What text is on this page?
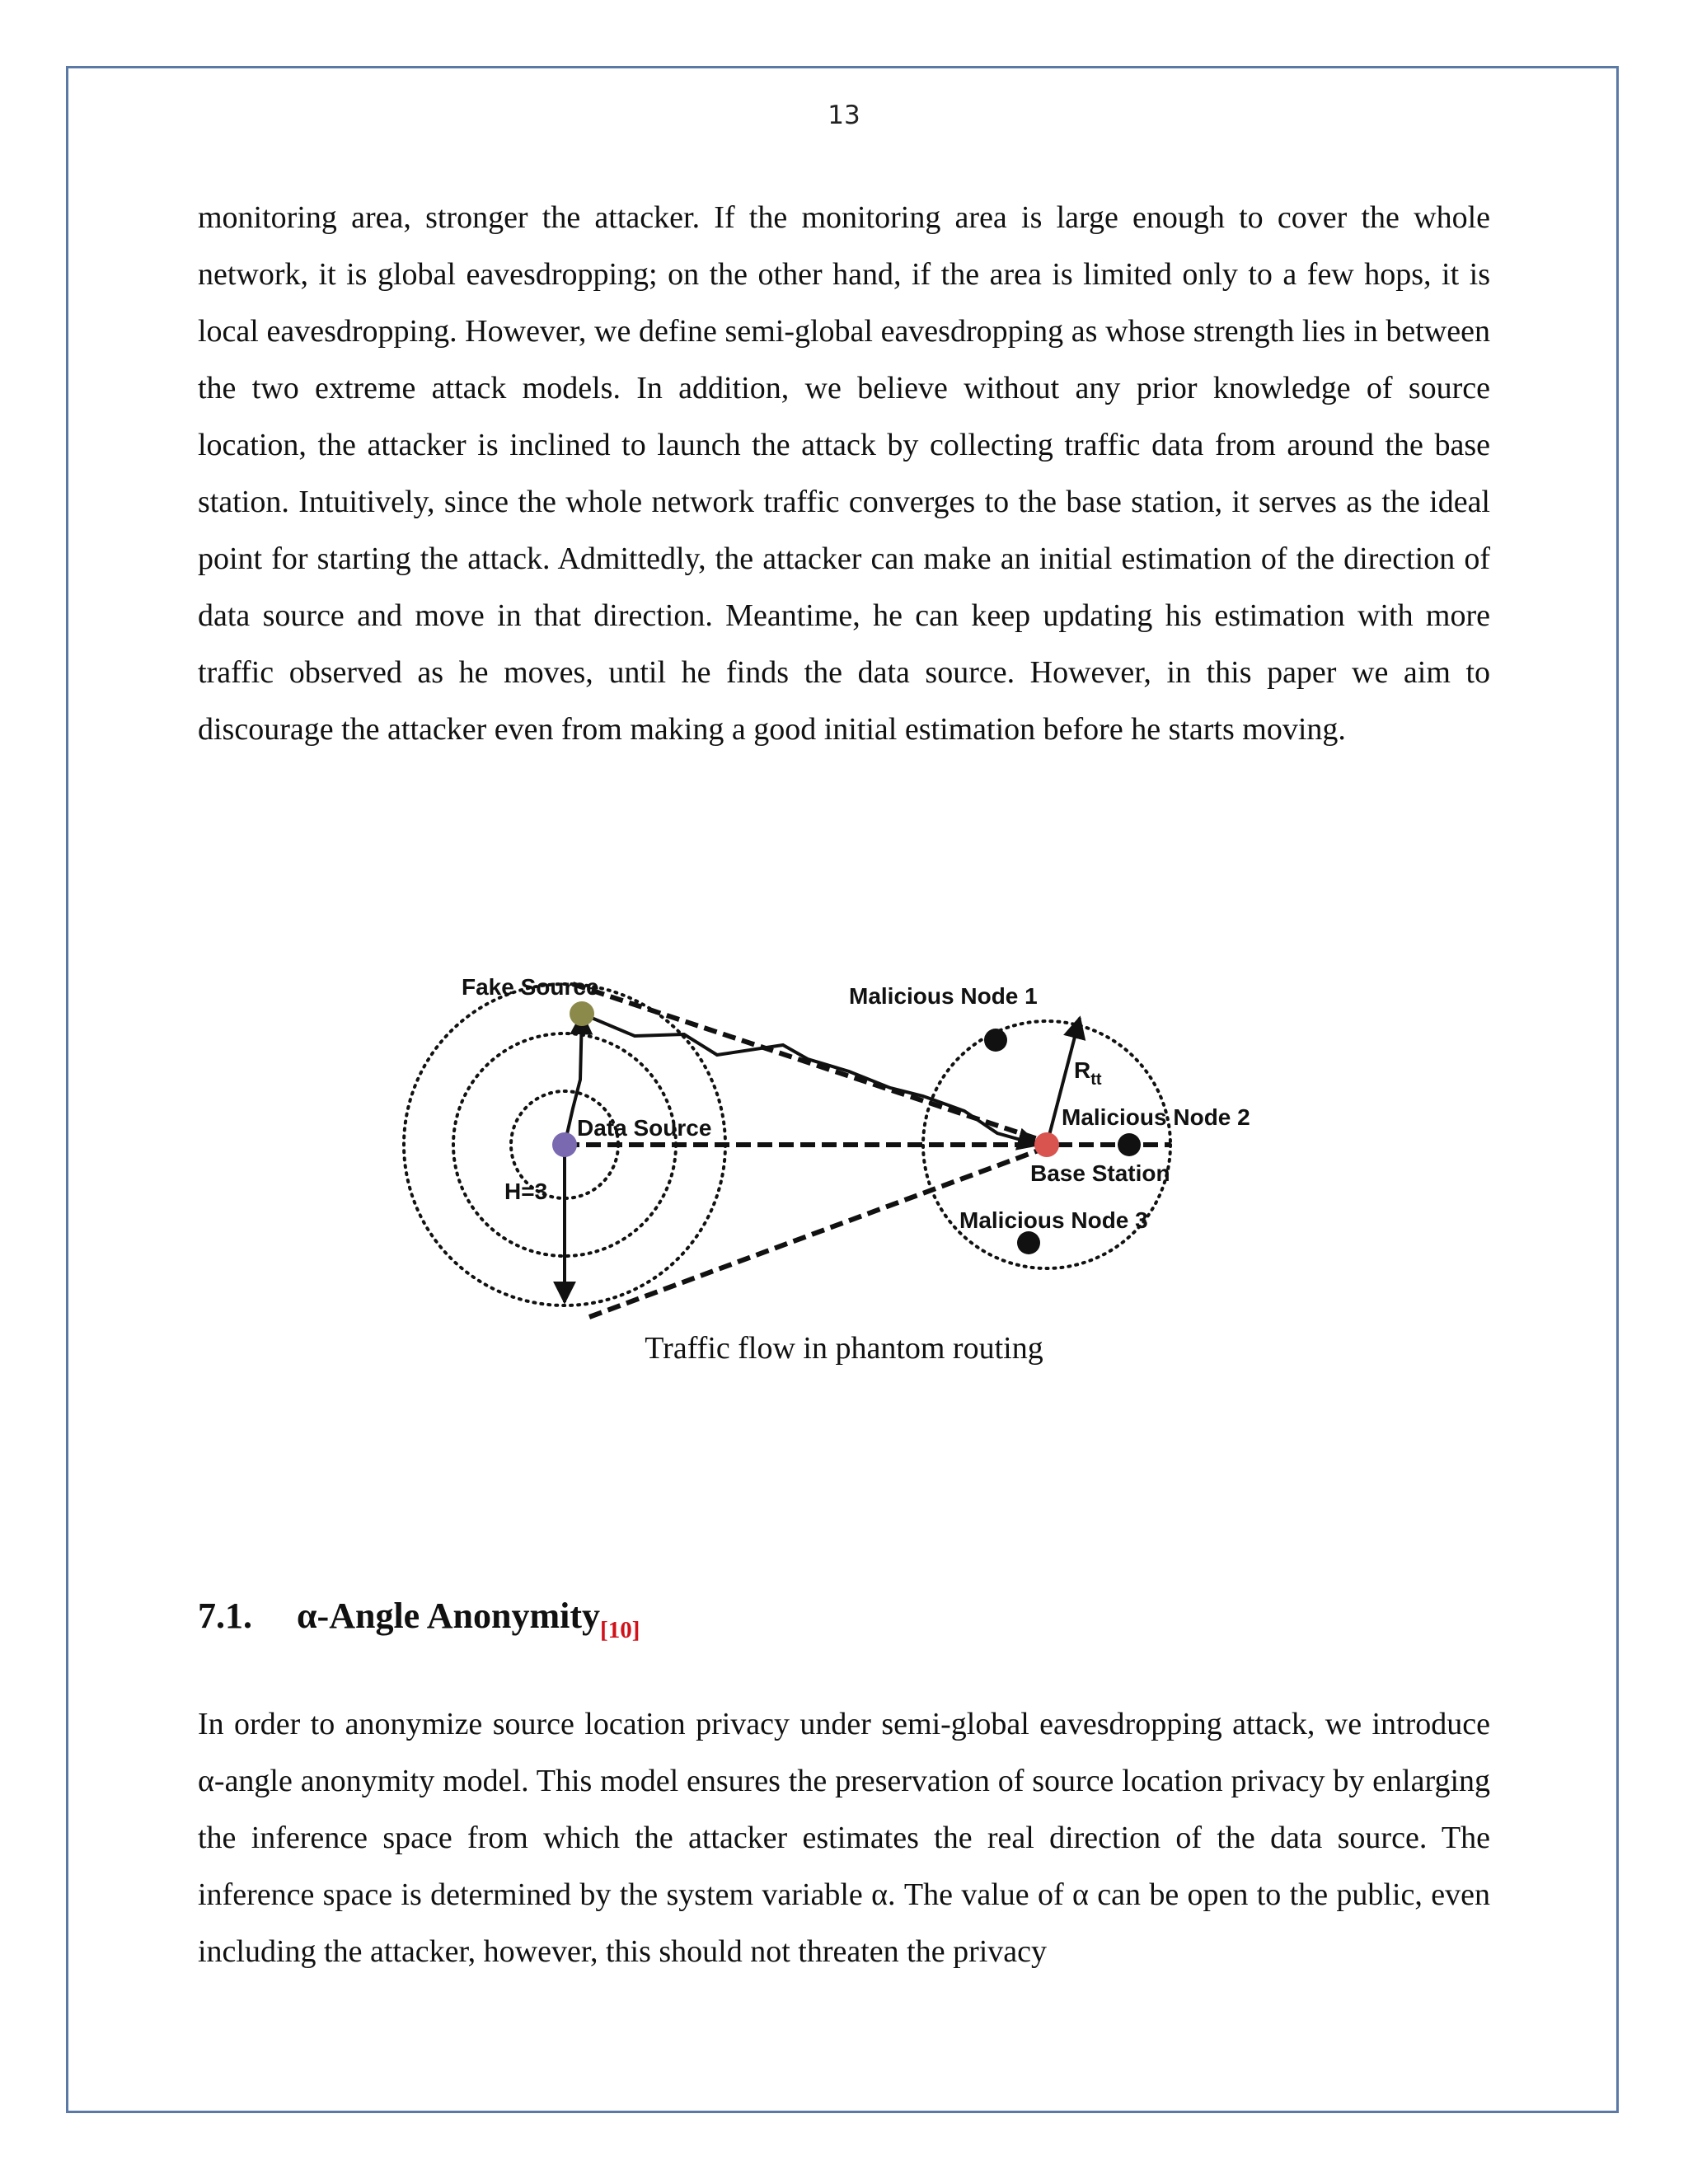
13

monitoring area, stronger the attacker. If the monitoring area is large enough to cover the whole network, it is global eavesdropping; on the other hand, if the area is limited only to a few hops, it is local eavesdropping. However, we define semi-global eavesdropping as whose strength lies in between the two extreme attack models. In addition, we believe without any prior knowledge of source location, the attacker is inclined to launch the attack by collecting traffic data from around the base station. Intuitively, since the whole network traffic converges to the base station, it serves as the ideal point for starting the attack. Admittedly, the attacker can make an initial estimation of the direction of data source and move in that direction. Meantime, he can keep updating his estimation with more traffic observed as he moves, until he finds the data source. However, in this paper we aim to discourage the attacker even from making a good initial estimation before he starts moving.

Fake Source
Data Source
H=3
Malicious Node 1
Malicious Node 2
Base Station
Malicious Node 3
$R_{tt}$
Traffic flow in phantom routing
7.1. α-Angle Anonymity$_{[10]}$

In order to anonymize source location privacy under semi-global eavesdropping attack, we introduce α-angle anonymity model. This model ensures the preservation of source location privacy by enlarging the inference space from which the attacker estimates the real direction of the data source. The inference space is determined by the system variable α. The value of α can be open to the public, even including the attacker, however, this should not threaten the privacy
